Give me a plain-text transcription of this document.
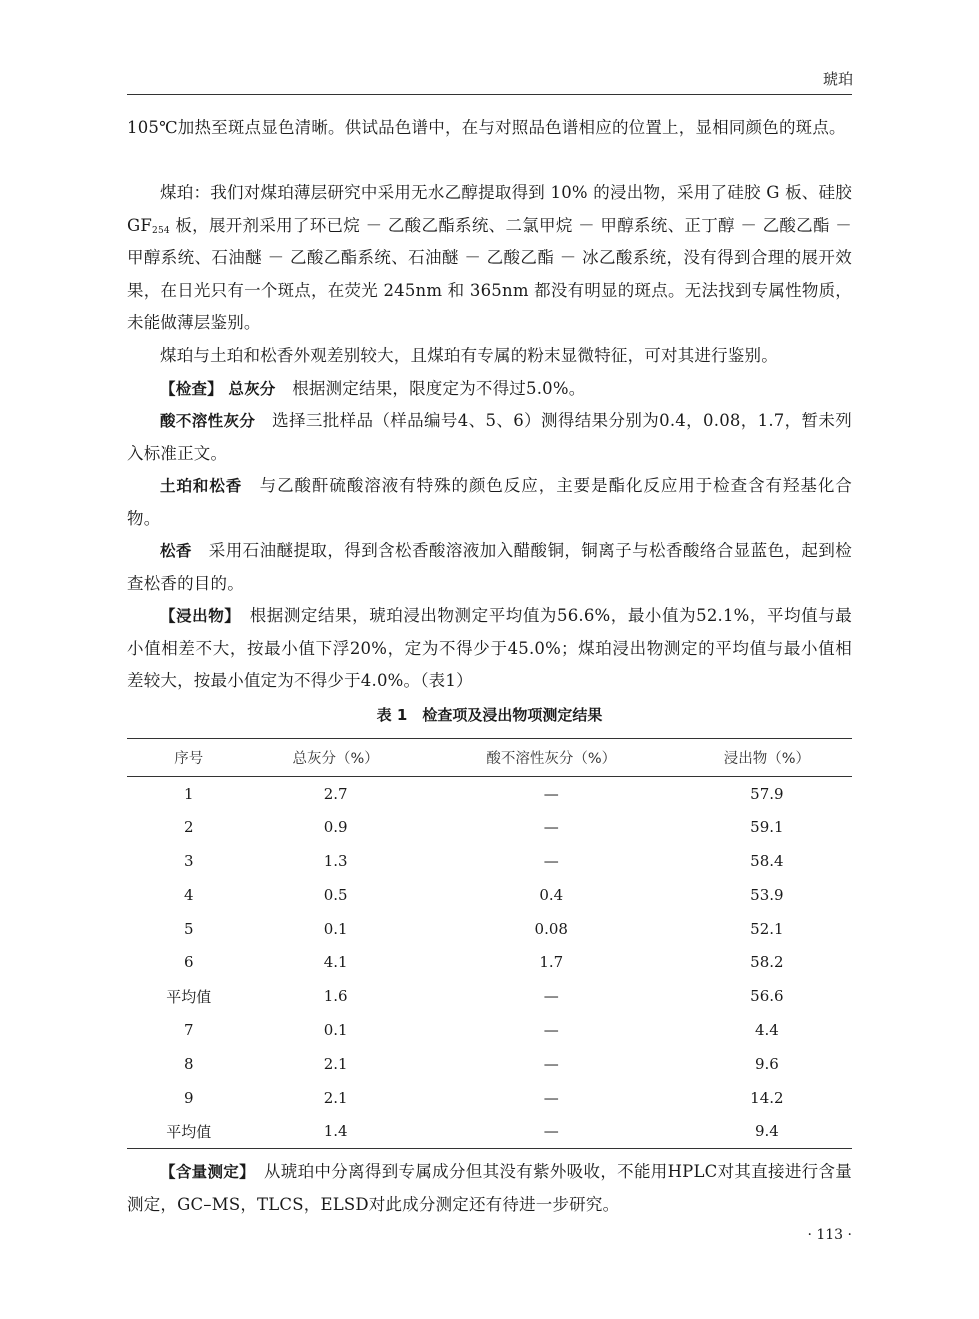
琥珀

105℃加热至斑点显色清晰。供试品色谱中，在与对照品色谱相应的位置上，显相同颜色的斑点。

煤珀：我们对煤珀薄层研究中采用无水乙醇提取得到 10% 的浸出物，采用了硅胶 G 板、硅胶 $GF_{254}$ 板，展开剂采用了环已烷 － 乙酸乙酯系统、二氯甲烷 － 甲醇系统、正丁醇 － 乙酸乙酯 － 甲醇系统、石油醚 － 乙酸乙酯系统、石油醚 － 乙酸乙酯 － 冰乙酸系统，没有得到合理的展开效果，在日光只有一个斑点，在荧光 245nm 和 365nm 都没有明显的斑点。无法找到专属性物质，未能做薄层鉴别。

煤珀与土珀和松香外观差别较大，且煤珀有专属的粉末显微特征，可对其进行鉴别。

【检查】 总灰分　根据测定结果，限度定为不得过5.0%。

酸不溶性灰分　选择三批样品（样品编号4、5、6）测得结果分别为0.4，0.08，1.7，暂未列入标准正文。

土珀和松香　与乙酸酐硫酸溶液有特殊的颜色反应，主要是酯化反应用于检查含有羟基化合物。

松香　采用石油醚提取，得到含松香酸溶液加入醋酸铜，铜离子与松香酸络合显蓝色，起到检查松香的目的。

【浸出物】　根据测定结果，琥珀浸出物测定平均值为56.6%，最小值为52.1%，平均值与最小值相差不大，按最小值下浮20%，定为不得少于45.0%；煤珀浸出物测定的平均值与最小值相差较大，按最小值定为不得少于4.0%。（表1）

表 1　检查项及浸出物项测定结果
序号	总灰分（%）	酸不溶性灰分（%）	浸出物（%）
1	2.7	—	57.9
2	0.9	—	59.1
3	1.3	—	58.4
4	0.5	0.4	53.9
5	0.1	0.08	52.1
6	4.1	1.7	58.2
平均值	1.6	—	56.6
7	0.1	—	4.4
8	2.1	—	9.6
9	2.1	—	14.2
平均值	1.4	—	9.4

【含量测定】　从琥珀中分离得到专属成分但其没有紫外吸收，不能用HPLC对其直接进行含量测定，GC–MS，TLCS，ELSD对此成分测定还有待进一步研究。

· 113 ·
